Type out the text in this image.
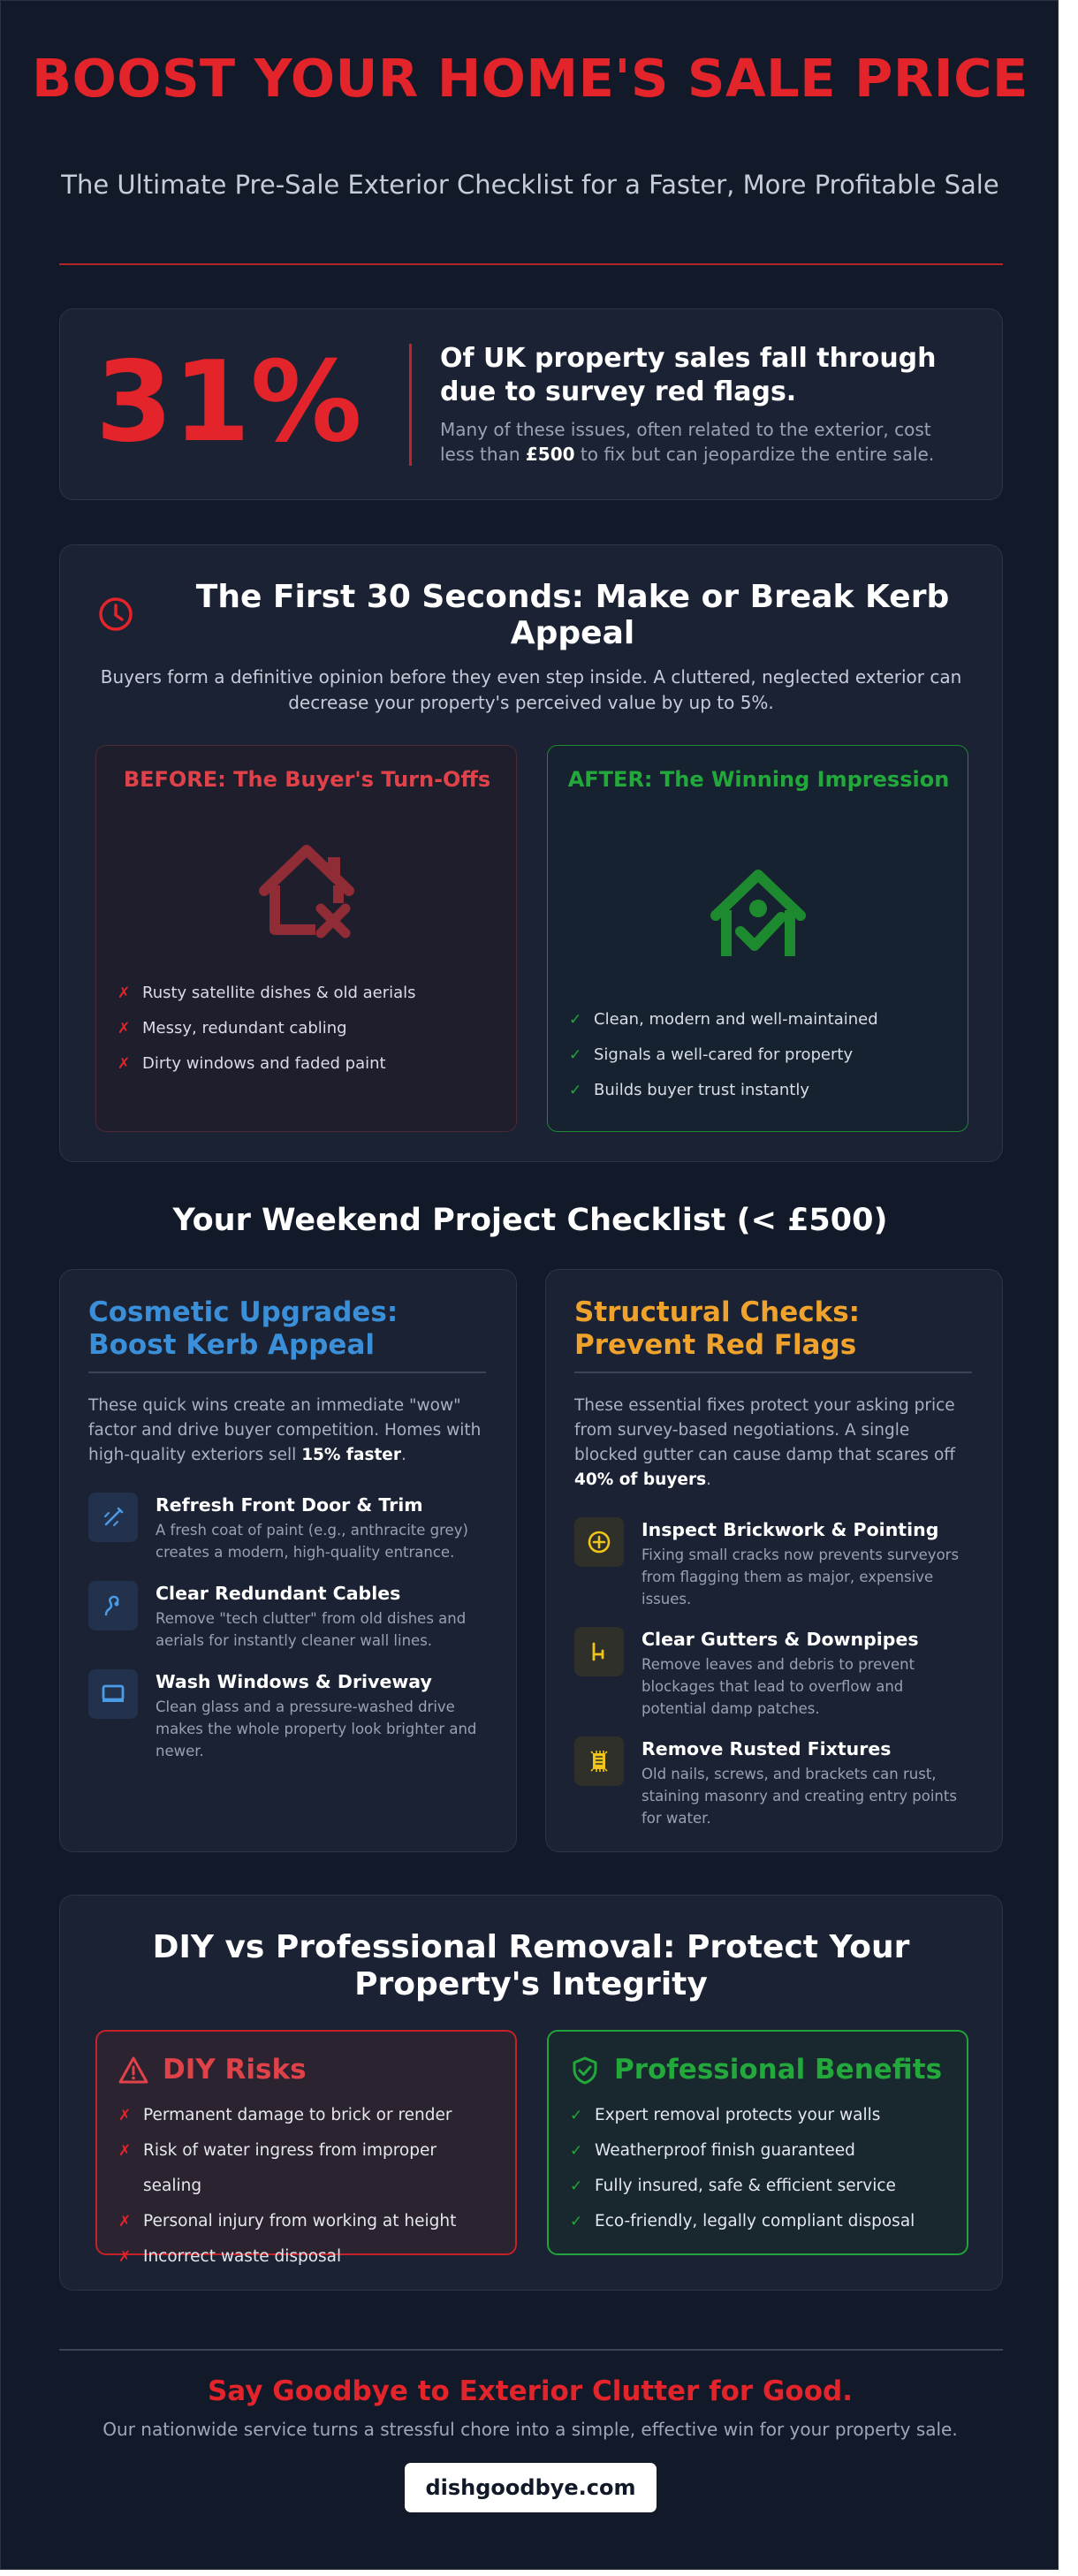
BOOST YOUR HOME'S SALE PRICE
The Ultimate Pre-Sale Exterior Checklist for a Faster, More Profitable Sale
31%	Of UK property sales fall through due to survey red flags.
Many of these issues, often related to the exterior, cost less than £500 to fix but can jeopardize the entire sale.
The First 30 Seconds: Make or Break Kerb Appeal
Buyers form a definitive opinion before they even step inside. A cluttered, neglected exterior can decrease your property's perceived value by up to 5%.
BEFORE: The Buyer's Turn-Offs
✗ Rusty satellite dishes & old aerials
✗ Messy, redundant cabling
✗ Dirty windows and faded paint
AFTER: The Winning Impression
✓ Clean, modern and well-maintained
✓ Signals a well-cared for property
✓ Builds buyer trust instantly
Your Weekend Project Checklist (< £500)
Cosmetic Upgrades: Boost Kerb Appeal
These quick wins create an immediate "wow" factor and drive buyer competition. Homes with high-quality exteriors sell 15% faster.
Refresh Front Door & Trim
A fresh coat of paint (e.g., anthracite grey) creates a modern, high-quality entrance.
Clear Redundant Cables
Remove "tech clutter" from old dishes and aerials for instantly cleaner wall lines.
Wash Windows & Driveway
Clean glass and a pressure-washed drive makes the whole property look brighter and newer.
Structural Checks: Prevent Red Flags
These essential fixes protect your asking price from survey-based negotiations. A single blocked gutter can cause damp that scares off 40% of buyers.
Inspect Brickwork & Pointing
Fixing small cracks now prevents surveyors from flagging them as major, expensive issues.
Clear Gutters & Downpipes
Remove leaves and debris to prevent blockages that lead to overflow and potential damp patches.
Remove Rusted Fixtures
Old nails, screws, and brackets can rust, staining masonry and creating entry points for water.
DIY vs Professional Removal: Protect Your Property's Integrity
DIY Risks
✗ Permanent damage to brick or render
✗ Risk of water ingress from improper sealing
✗ Personal injury from working at height
✗ Incorrect waste disposal
Professional Benefits
✓ Expert removal protects your walls
✓ Weatherproof finish guaranteed
✓ Fully insured, safe & efficient service
✓ Eco-friendly, legally compliant disposal
Say Goodbye to Exterior Clutter for Good.
Our nationwide service turns a stressful chore into a simple, effective win for your property sale.
dishgoodbye.com
